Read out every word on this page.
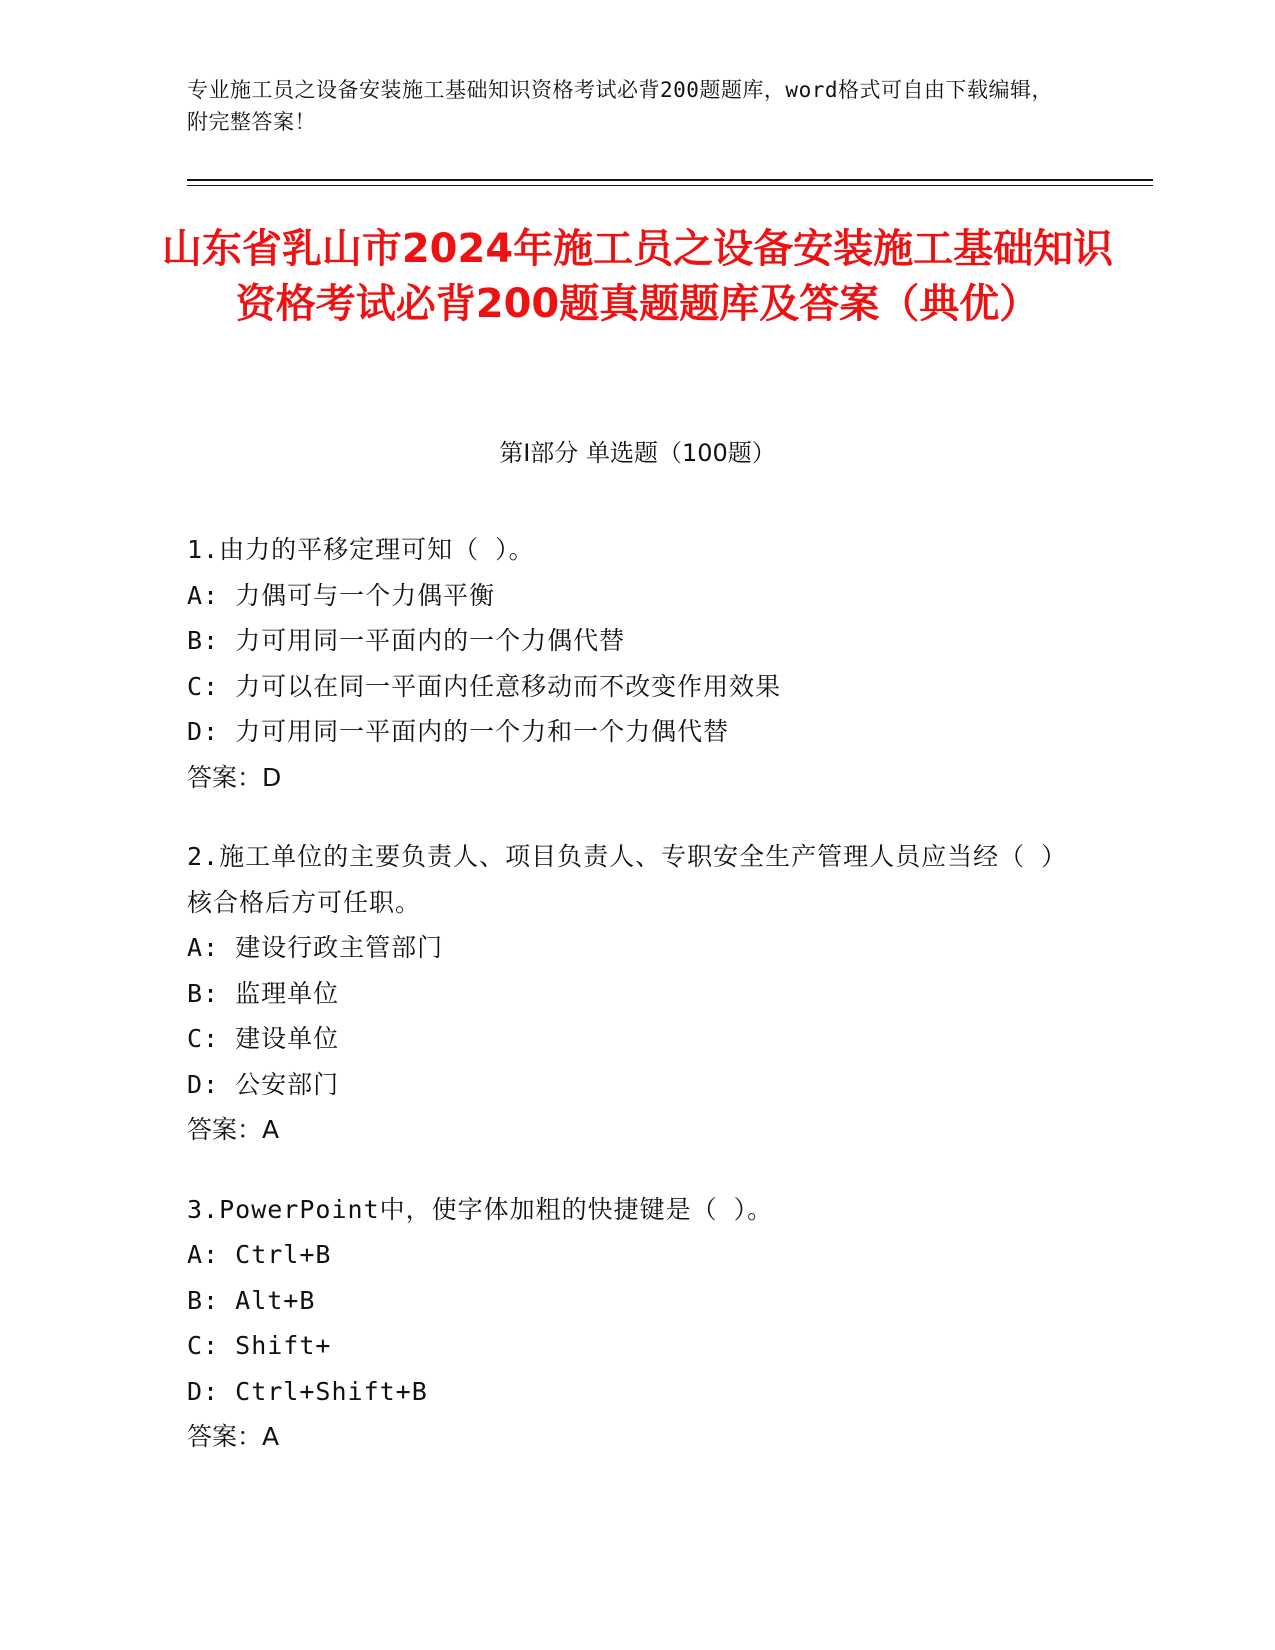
专业施工员之设备安装施工基础知识资格考试必背200题题库，word格式可自由下载编辑，附完整答案！
山东省乳山市2024年施工员之设备安装施工基础知识资格考试必背200题真题题库及答案（典优）
第I部分 单选题（100题）
1.由力的平移定理可知（ ）。
A: 力偶可与一个力偶平衡
B: 力可用同一平面内的一个力偶代替
C: 力可以在同一平面内任意移动而不改变作用效果
D: 力可用同一平面内的一个力和一个力偶代替
答案：D
2.施工单位的主要负责人、项目负责人、专职安全生产管理人员应当经（ ）核合格后方可任职。
A: 建设行政主管部门
B: 监理单位
C: 建设单位
D: 公安部门
答案：A
3.PowerPoint中，使字体加粗的快捷键是（ ）。
A: Ctrl+B
B: Alt+B
C: Shift+
D: Ctrl+Shift+B
答案：A
